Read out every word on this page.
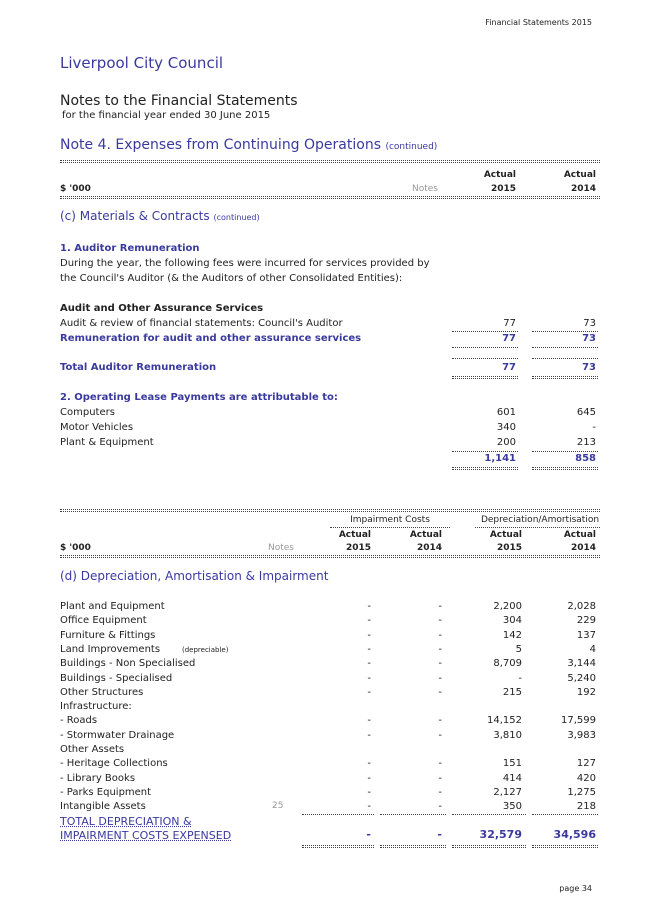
Financial Statements 2015
Liverpool City Council
Notes to the Financial Statements
for the financial year ended 30 June 2015
Note 4. Expenses from Continuing Operations (continued)
Actual	Actual
$ '000	Notes	2015	2014
(c) Materials & Contracts (continued)
1. Auditor Remuneration
During the year, the following fees were incurred for services provided by
the Council's Auditor (& the Auditors of other Consolidated Entities):
Audit and Other Assurance Services
Audit & review of financial statements: Council's Auditor	77	73
Remuneration for audit and other assurance services	77	73
Total Auditor Remuneration	77	73
2. Operating Lease Payments are attributable to:
Computers	601	645
Motor Vehicles	340	-
Plant & Equipment	200	213
1,141	858
Impairment Costs	Depreciation/Amortisation
Actual	Actual	Actual	Actual
$ '000	Notes	2015	2014	2015	2014
(d) Depreciation, Amortisation & Impairment
Plant and Equipment	-	-	2,200	2,028
Office Equipment	-	-	304	229
Furniture & Fittings	-	-	142	137
Land Improvements	(depreciable)	-	-	5	4
Buildings - Non Specialised	-	-	8,709	3,144
Buildings - Specialised	-	-	-	5,240
Other Structures	-	-	215	192
Infrastructure:
- Roads	-	-	14,152	17,599
- Stormwater Drainage	-	-	3,810	3,983
Other Assets
- Heritage Collections	-	-	151	127
- Library Books	-	-	414	420
- Parks Equipment	-	-	2,127	1,275
Intangible Assets	25	-	-	350	218
TOTAL DEPRECIATION &
IMPAIRMENT COSTS EXPENSED	-	-	32,579	34,596
page 34
